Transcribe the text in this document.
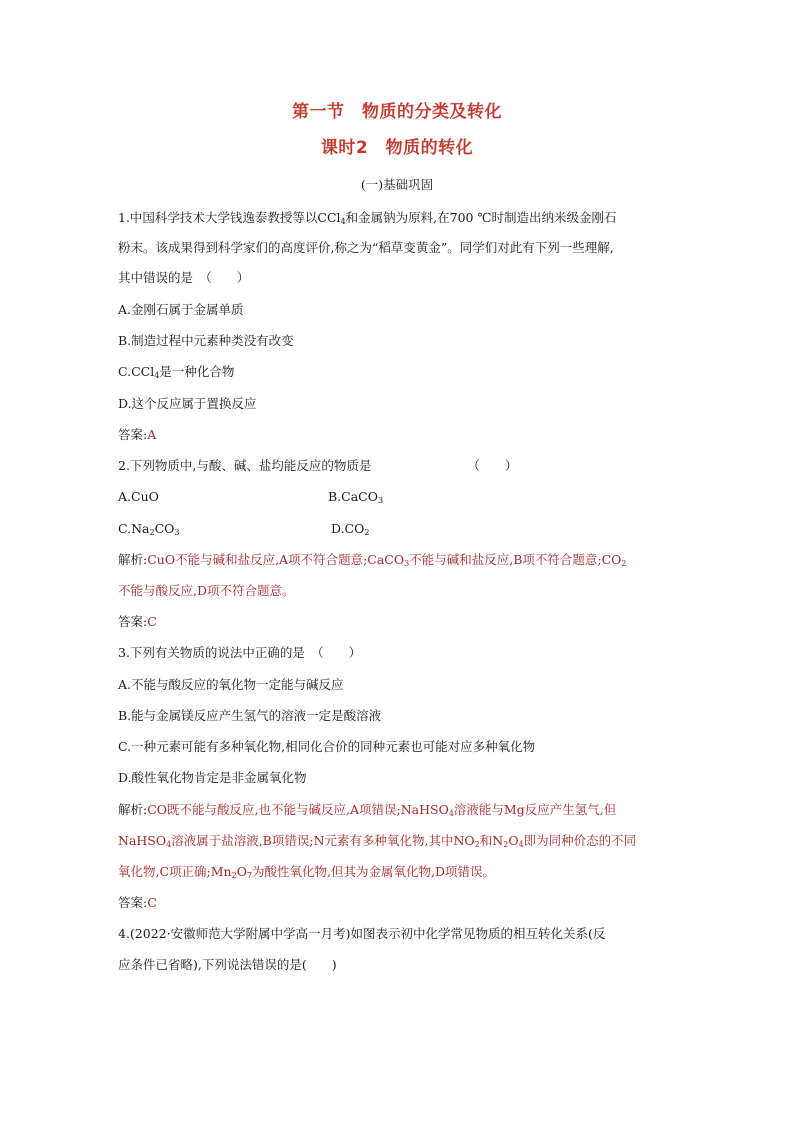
第一节　物质的分类及转化
课时2　物质的转化
(一)基础巩固
1.中国科学技术大学钱逸泰教授等以CCl$_4$和金属钠为原料,在700 ℃时制造出纳米级金刚石
粉末。该成果得到科学家们的高度评价,称之为“稻草变黄金”。同学们对此有下列一些理解,
其中错误的是　（　　）
A.金刚石属于金属单质
B.制造过程中元素种类没有改变
C.CCl$_4$是一种化合物
D.这个反应属于置换反应
答案:A
2.下列物质中,与酸、碱、盐均能反应的物质是	（　　）
A.CuO	B.CaCO$_3$
$C.Na_2CO_3$	$D.CO_2$
解析:CuO不能与碱和盐反应,A项不符合题意;CaCO$_3$不能与碱和盐反应,B项不符合题意$;CO_2$
不能与酸反应,D项不符合题意。
答案:C
3.下列有关物质的说法中正确的是　（　　）
A.不能与酸反应的氧化物一定能与碱反应
B.能与金属镁反应产生氢气的溶液一定是酸溶液
C.一种元素可能有多种氧化物,相同化合价的同种元素也可能对应多种氧化物
D.酸性氧化物肯定是非金属氧化物
解析:CO既不能与酸反应,也不能与碱反应,A项错误;NaHSO$_4$溶液能与Mg反应产生氢气,但
NaHSO$_4$溶液属于盐溶液,B项错误;N元素有多种氧化物,其中$NO_2$和$N_2O_4$即为同种价态的不同
氧化物,C项正确$;Mn_2O_7$为酸性氧化物,但其为金属氧化物,D项错误。
答案:C
4.(2022·安徽师范大学附属中学高一月考)如图表示初中化学常见物质的相互转化关系(反
应条件已省略),下列说法错误的是(　　)
